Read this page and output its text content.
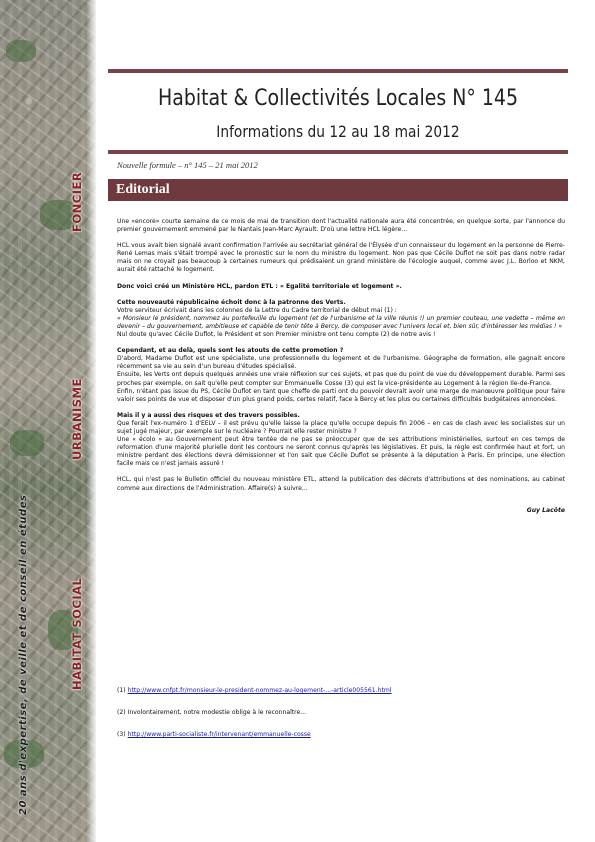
FONCIER
URBANISME
HABITAT SOCIAL
20 ans d'expertise, de veille et de conseil en études
Habitat & Collectivités Locales N° 145
Informations du 12 au 18 mai 2012
Nouvelle formule – n° 145 – 21 mai 2012
Editorial

Une «encore» courte semaine de ce mois de mai de transition dont l'actualité nationale aura été concentrée, en quelque sorte, par l'annonce du premier gouvernement emmené par le Nantais Jean-Marc Ayrault. D'où une lettre HCL légère...

HCL vous avait bien signalé avant confirmation l'arrivée au secrétariat général de l'Élysée d'un connaisseur du logement en la personne de Pierre-René Lemas mais s'était trompé avec le pronostic sur le nom du ministre du logement. Non pas que Cécile Duflot ne soit pas dans notre radar mais on ne croyait pas beaucoup à certaines rumeurs qui prédisaient un grand ministère de l'écologie auquel, comme avec J.L. Borloo et NKM, aurait été rattaché le logement.

Donc voici créé un Ministère HCL, pardon ETL : « Egalité territoriale et logement ».

Cette nouveauté républicaine échoit donc à la patronne des Verts.
Votre serviteur écrivait dans les colonnes de la Lettre du Cadre territorial de début mai (1) :
« Monsieur le président, nommez au portefeuille du logement (et de l'urbanisme et la ville réunis !) un premier couteau, une vedette – même en devenir – du gouvernement, ambitieuse et capable de tenir tête à Bercy, de composer avec l'univers local et, bien sûr, d'intéresser les médias ! »
Nul doute qu'avec Cécile Duflot, le Président et son Premier ministre ont tenu compte (2) de notre avis !

Cependant, et au delà, quels sont les atouts de cette promotion ?
D'abord, Madame Duflot est une spécialiste, une professionnelle du logement et de l'urbanisme. Géographe de formation, elle gagnait encore récemment sa vie au sein d'un bureau d'études spécialisé.
Ensuite, les Verts ont depuis quelques années une vraie réflexion sur ces sujets, et pas que du point de vue du développement durable. Parmi ses proches par exemple, on sait qu'elle peut compter sur Emmanuelle Cosse (3) qui est la vice-présidente au Logement à la région Ile-de-France.
Enfin, n'étant pas issue du PS, Cécile Duflot en tant que cheffe de parti ont du pouvoir devrait avoir une marge de manœuvre politique pour faire valoir ses points de vue et disposer d'un plus grand poids, certes relatif, face à Bercy et les plus ou certaines difficultés budgétaires annoncées.

Mais il y a aussi des risques et des travers possibles.
Que ferait l'ex-numéro 1 d'EELV – il est prévu qu'elle laisse la place qu'elle occupe depuis fin 2006 – en cas de clash avec les socialistes sur un sujet jugé majeur, par exemple sur le nucléaire ? Pourrait elle rester ministre ?
Une « écolo » au Gouvernement peut être tentée de ne pas se préoccuper que de ses attributions ministérielles, surtout en ces temps de reformation d'une majorité plurielle dont les contours ne seront connus qu'après les législatives. Et puis, la règle est confirmée haut et fort, un ministre perdant des élections devra démissionner et l'on sait que Cécile Duflot se présente à la députation à Paris. En principe, une élection facile mais ce n'est jamais assuré !

HCL, qui n'est pas le Bulletin officiel du nouveau ministère ETL, attend la publication des décrets d'attributions et des nominations, au cabinet comme aux directions de l'Administration. Affaire(s) à suivre...

Guy Lacôte

(1) http://www.cnfpt.fr/monsieur-le-president-nommez-au-logement-...-article005561.html

(2) Involontairement, notre modestie oblige à le reconnaître...

(3) http://www.parti-socialiste.fr/intervenant/emmanuelle-cosse
